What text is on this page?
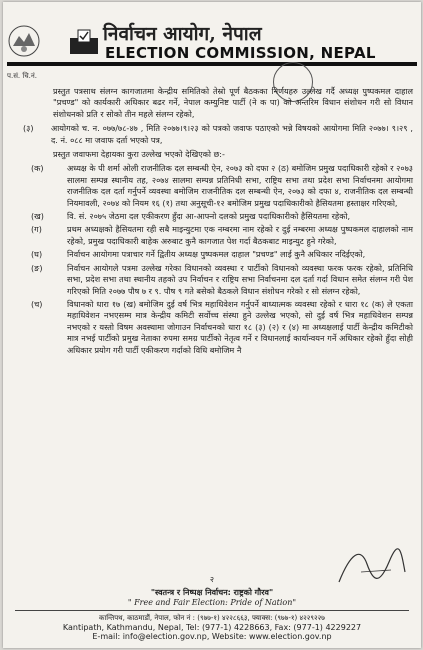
निर्वाचन आयोग, नेपाल
ELECTION COMMISSION, NEPAL
प.सं. चि.नं.

प्रस्तुत पत्रसाथ संलग्न कागजातमा केन्द्रीय समितिको तेस्रो पूर्ण बैठकका निर्णयहरु उल्लेख गर्दै अध्यक्ष पुष्पकमल दाहाल "प्रचण्ड" को कार्यकारी अधिकार बढर गर्ने, नेपाल कम्युनिष्ट पार्टी (ने क पा) को अन्तरिम विधान संशोधन गरी सो विधान संशोधनको प्रति र सोको तीन महले संलग्न रहेको,

(३)	आयोगको च. न. ०७७/७८-४७ , मिति २०७७।९।२३ को पत्रको जवाफ पठाएको भन्ने विषयको आयोगमा मिति २०७७। ९।२९ , द. नं. ०८८ मा जवाफ दर्ता भएको पत्र,

प्रस्तुत जवाफमा देहायका कुरा उल्लेख भएको देखिएको छ:-

(क)	अध्यक्ष के पी शर्मा ओली राजनीतिक दल सम्बन्धी ऐन, २०७३ को दफा २ (ठ) बमोजिम प्रमुख पदाधिकारी रहेको र २०७३ सालमा सम्पन्न स्थानीय तह, २०७४ सालमा सम्पन्न प्रतिनिधी सभा, राष्ट्रिय सभा तथा प्रदेश सभा निर्वाचनमा आयोगमा राजनीतिक दल दर्ता गर्नुपर्ने व्यवस्था बमोजिम राजनीतिक दल सम्बन्धी ऐन, २०७३ को दफा ४, राजनीतिक दल सम्बन्धी नियमावली, २०७४ को नियम १६ (१) तथा अनुसूची-१२ बमोजिम प्रमुख पदाधिकारीको हैसियतमा हस्ताक्षर गरिएको,
(ख)	वि. सं. २०७५ जेठमा दल एकीकरण हुँदा आ-आफ्नो दलको प्रमुख पदाधिकारीको हैसियतमा रहेको,
(ग)	प्रथम अध्यक्षको हैसियतमा रही सबै माइन्युटमा एक नम्बरमा नाम रहेको र दुई नम्बरमा अध्यक्ष पुष्पकमल दाहालको नाम रहेको, प्रमुख पदाधिकारी बाहेक अरुबाट कुनै कागजात पेश गर्दा बैठकबाट माइन्युट हुने गरेको,
(घ)	निर्वाचन आयोगमा पत्राचार गर्ने द्वितीय अध्यक्ष पुष्पकमल दाहाल "प्रचण्ड" लाई कुनै अधिकार नदिईएको,
(ङ)	निर्वाचन आयोगले पत्रमा उल्लेख गरेका विधानको व्यवस्था र पार्टीको विधानको व्यवस्था फरक फरक रहेको, प्रतिनिधि सभा, प्रदेश सभा तथा स्थानीय तहको उप निर्वाचन र राष्ट्रिय सभा निर्वाचनमा दल दर्ता गर्दा विधान समेत संलग्न गरी पेश गरिएको मिति २०७७ पौष ७ र ९. पौष ९ गते बसेको बैठकले विधान संशोधन गरेको र सो संलग्न रहेको,
(च)	विधानको धारा १७ (ख) बमोजिम दुई वर्ष भित्र महाधिवेशन गर्नुपर्ने बाध्यात्मक व्यवस्था रहेको र धारा १८ (क) ले एकता महाधिवेशन नभएसम्म मात्र केन्द्रीय कमिटी सर्वोच्च संस्था हुने उल्लेख भएको, सो दुई वर्ष भित्र महाधिवेशन सम्पन्न नभएको र यस्तो विषम अवस्थामा जोगाउन निर्वाचनको धारा १८ (३) (२) र (४) मा अध्यक्षलाई पार्टी केन्द्रीय कमिटीको मात्र नभई पार्टीको प्रमुख नेताका रुपमा समग्र पार्टीको नेतृत्व गर्ने र विधानलाई कार्यान्वयन गर्ने अधिकार रहेको हुँदा सोही अधिकार प्रयोग गरी पार्टी एकीकरण गर्दाको विधि बमोजिम नै
२
"स्वतन्त्र र निष्पक्ष निर्वाचन: राष्ट्रको गौरव"
" Free and Fair Election: Pride of Nation"
कान्तिपथ, काठमाडौं, नेपाल, फोन नं : (९७७-१) ४२२८६६३, फ्याक्स: (९७७-१) ४२२९२२७
Kantipath, Kathmandu, Nepal, Tel: (977-1) 4228663, Fax: (977-1) 4229227
E-mail: info@election.gov.np, Website: www.election.gov.np
